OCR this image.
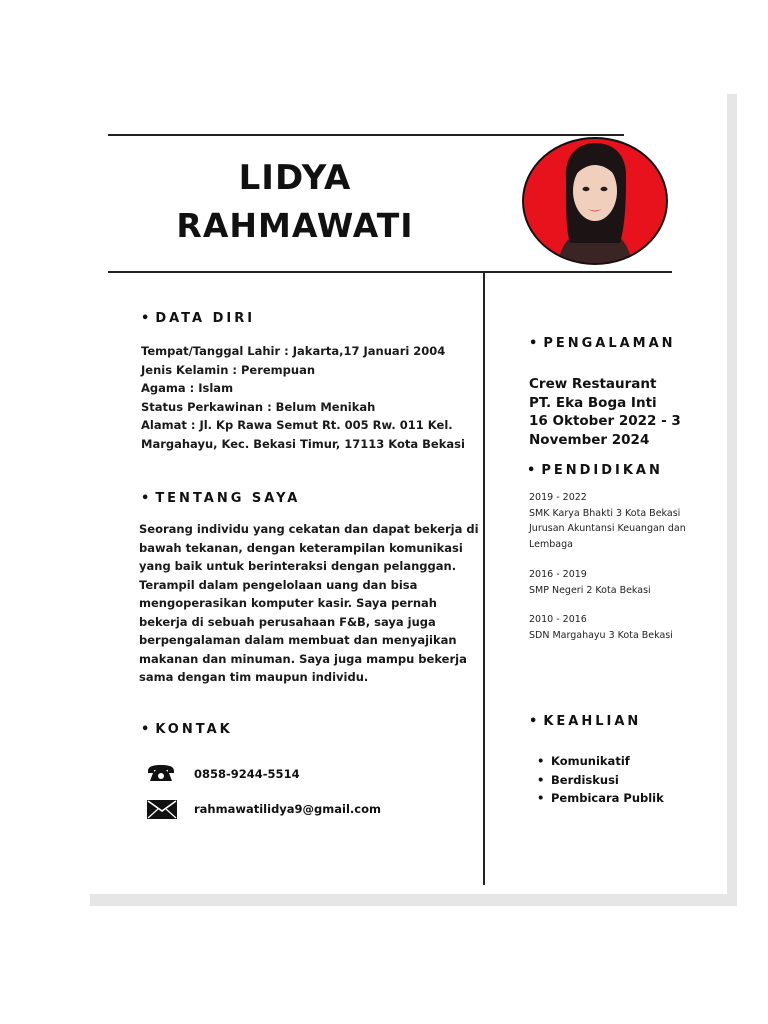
LIDYA
RAHMAWATI
• DATA DIRI
Tempat/Tanggal Lahir : Jakarta,17 Januari 2004
Jenis Kelamin : Perempuan
Agama : Islam
Status Perkawinan : Belum Menikah
Alamat : Jl. Kp Rawa Semut Rt. 005 Rw. 011 Kel.
Margahayu, Kec. Bekasi Timur, 17113 Kota Bekasi
• TENTANG SAYA
Seorang individu yang cekatan dan dapat bekerja di
bawah tekanan, dengan keterampilan komunikasi
yang baik untuk berinteraksi dengan pelanggan.
Terampil dalam pengelolaan uang dan bisa
mengoperasikan komputer kasir. Saya pernah
bekerja di sebuah perusahaan F&B, saya juga
berpengalaman dalam membuat dan menyajikan
makanan dan minuman. Saya juga mampu bekerja
sama dengan tim maupun individu.
• KONTAK
0858-9244-5514
rahmawatilidya9@gmail.com
• PENGALAMAN
Crew Restaurant
PT. Eka Boga Inti
16 Oktober 2022 - 3
November 2024
• PENDIDIKAN
2019 - 2022
SMK Karya Bhakti 3 Kota Bekasi
Jurusan Akuntansi Keuangan dan
Lembaga
2016 - 2019
SMP Negeri 2 Kota Bekasi
2010 - 2016
SDN Margahayu 3 Kota Bekasi
• KEAHLIAN
• Komunikatif
• Berdiskusi
• Pembicara Publik
